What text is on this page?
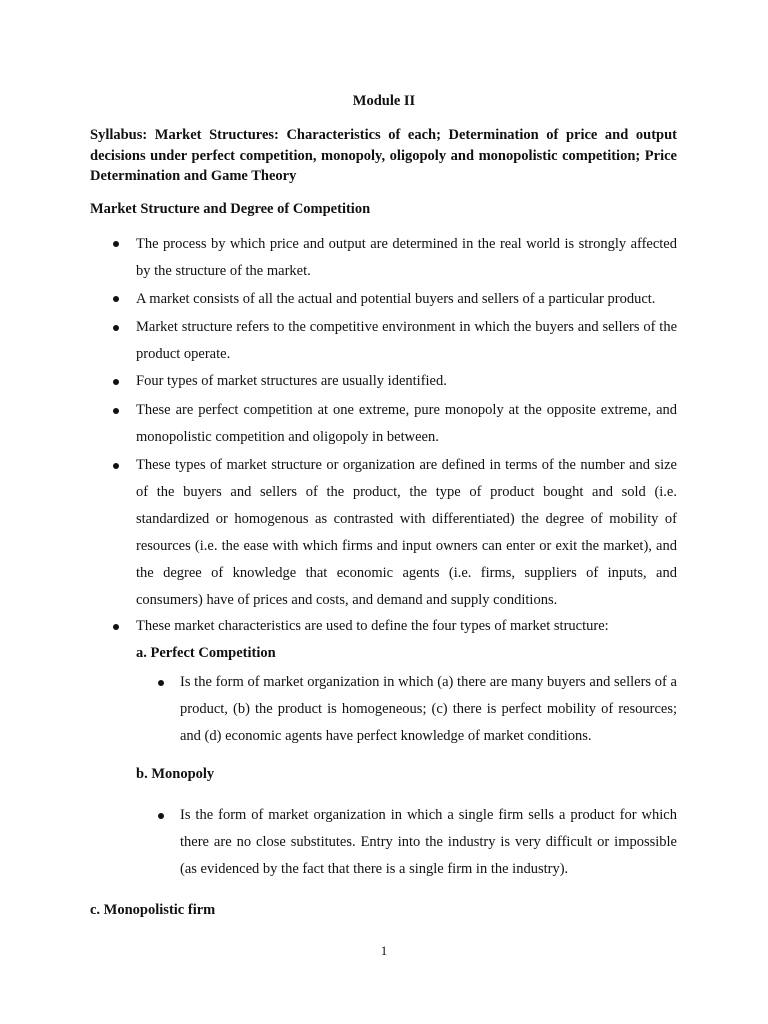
Module II
Syllabus: Market Structures: Characteristics of each; Determination of price and output decisions under perfect competition, monopoly, oligopoly and monopolistic competition; Price Determination and Game Theory
Market Structure and Degree of Competition
The process by which price and output are determined in the real world is strongly affected by the structure of the market.
A market consists of all the actual and potential buyers and sellers of a particular product.
Market structure refers to the competitive environment in which the buyers and sellers of the product operate.
Four types of market structures are usually identified.
These are perfect competition at one extreme, pure monopoly at the opposite extreme, and monopolistic competition and oligopoly in between.
These types of market structure or organization are defined in terms of the number and size of the buyers and sellers of the product, the type of product bought and sold (i.e. standardized or homogenous as contrasted with differentiated) the degree of mobility of resources (i.e. the ease with which firms and input owners can enter or exit the market), and the degree of knowledge that economic agents (i.e. firms, suppliers of inputs, and consumers) have of prices and costs, and demand and supply conditions.
These market characteristics are used to define the four types of market structure:
a. Perfect Competition
Is the form of market organization in which (a) there are many buyers and sellers of a product, (b) the product is homogeneous; (c) there is perfect mobility of resources; and (d) economic agents have perfect knowledge of market conditions.
b. Monopoly
Is the form of market organization in which a single firm sells a product for which there are no close substitutes. Entry into the industry is very difficult or impossible (as evidenced by the fact that there is a single firm in the industry).
c. Monopolistic firm
1
